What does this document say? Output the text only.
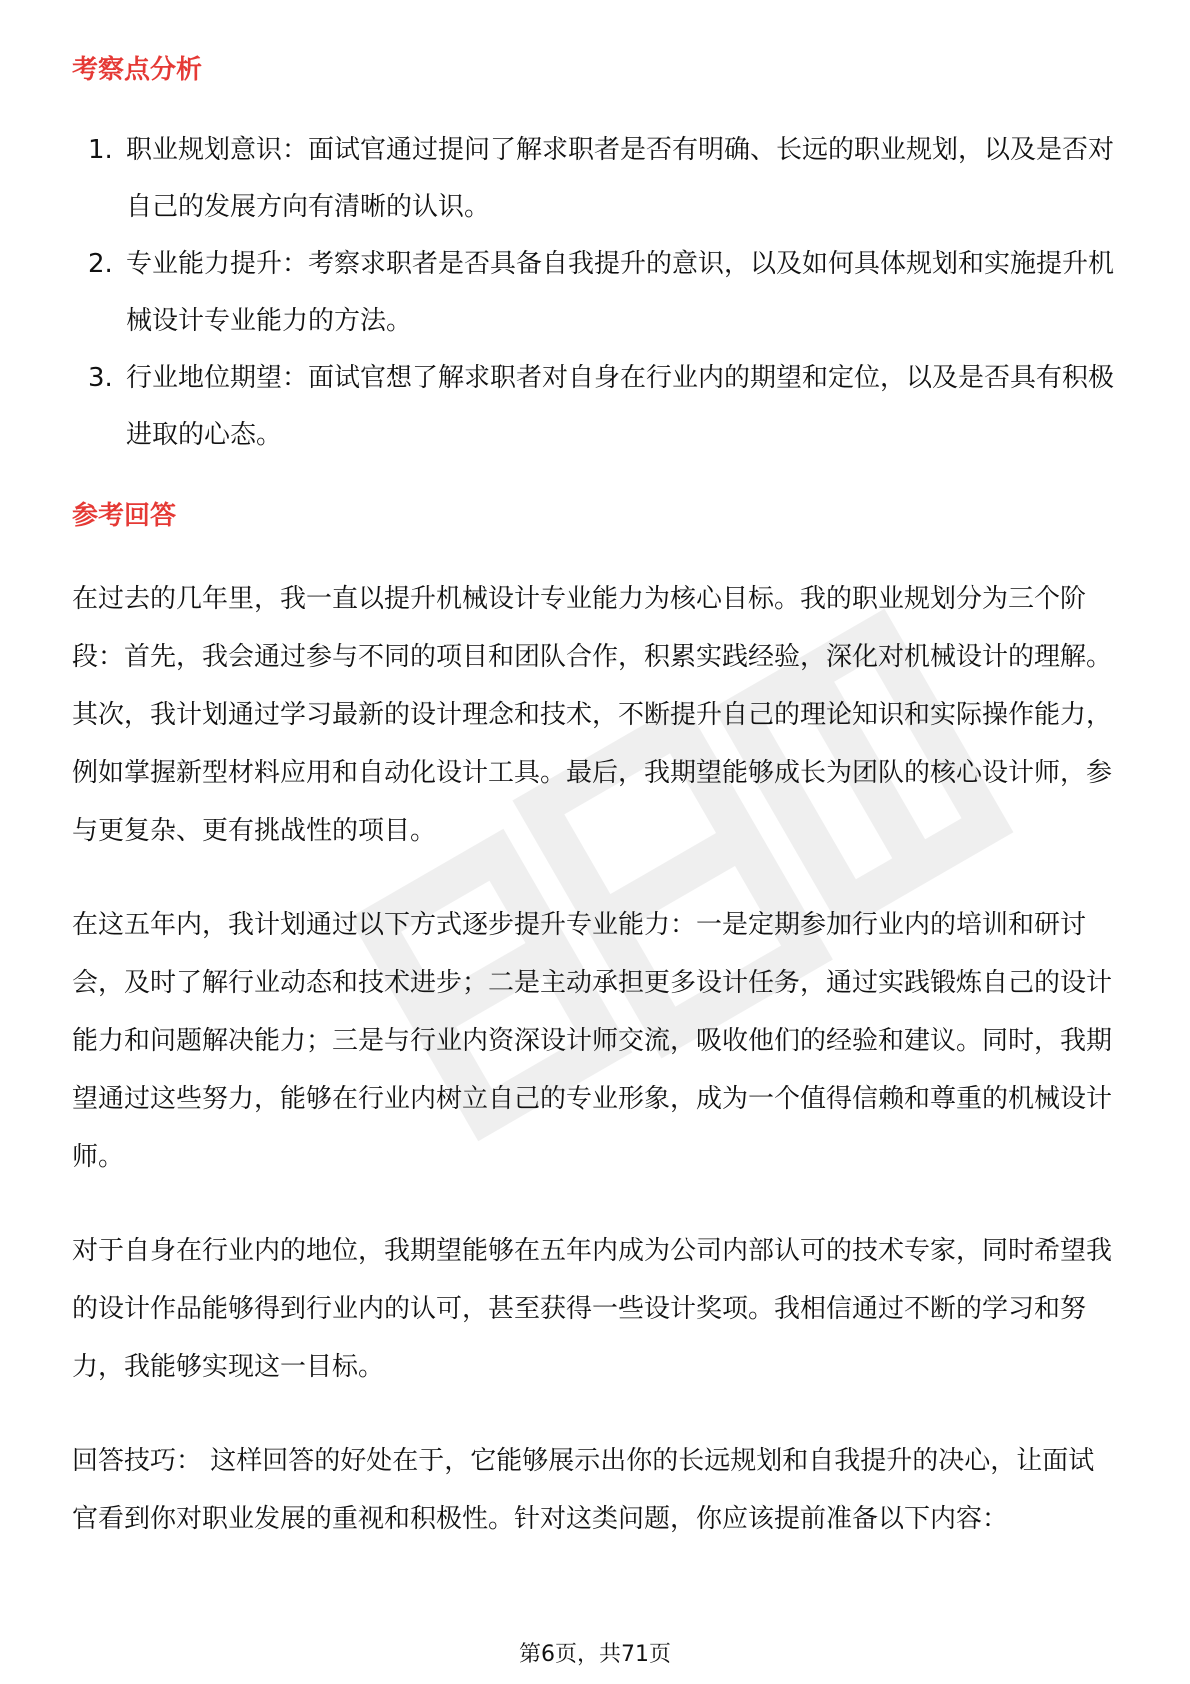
考察点分析
1. 职业规划意识：面试官通过提问了解求职者是否有明确、长远的职业规划，以及是否对自己的发展方向有清晰的认识。
2. 专业能力提升：考察求职者是否具备自我提升的意识，以及如何具体规划和实施提升机械设计专业能力的方法。
3. 行业地位期望：面试官想了解求职者对自身在行业内的期望和定位，以及是否具有积极进取的心态。
参考回答

在过去的几年里，我一直以提升机械设计专业能力为核心目标。我的职业规划分为三个阶段：首先，我会通过参与不同的项目和团队合作，积累实践经验，深化对机械设计的理解。其次，我计划通过学习最新的设计理念和技术，不断提升自己的理论知识和实际操作能力，例如掌握新型材料应用和自动化设计工具。最后，我期望能够成长为团队的核心设计师，参与更复杂、更有挑战性的项目。

在这五年内，我计划通过以下方式逐步提升专业能力：一是定期参加行业内的培训和研讨会，及时了解行业动态和技术进步；二是主动承担更多设计任务，通过实践锻炼自己的设计能力和问题解决能力；三是与行业内资深设计师交流，吸收他们的经验和建议。同时，我期望通过这些努力，能够在行业内树立自己的专业形象，成为一个值得信赖和尊重的机械设计师。

对于自身在行业内的地位，我期望能够在五年内成为公司内部认可的技术专家，同时希望我的设计作品能够得到行业内的认可，甚至获得一些设计奖项。我相信通过不断的学习和努力，我能够实现这一目标。

回答技巧： 这样回答的好处在于，它能够展示出你的长远规划和自我提升的决心，让面试官看到你对职业发展的重视和积极性。针对这类问题，你应该提前准备以下内容：

第6页，共71页
